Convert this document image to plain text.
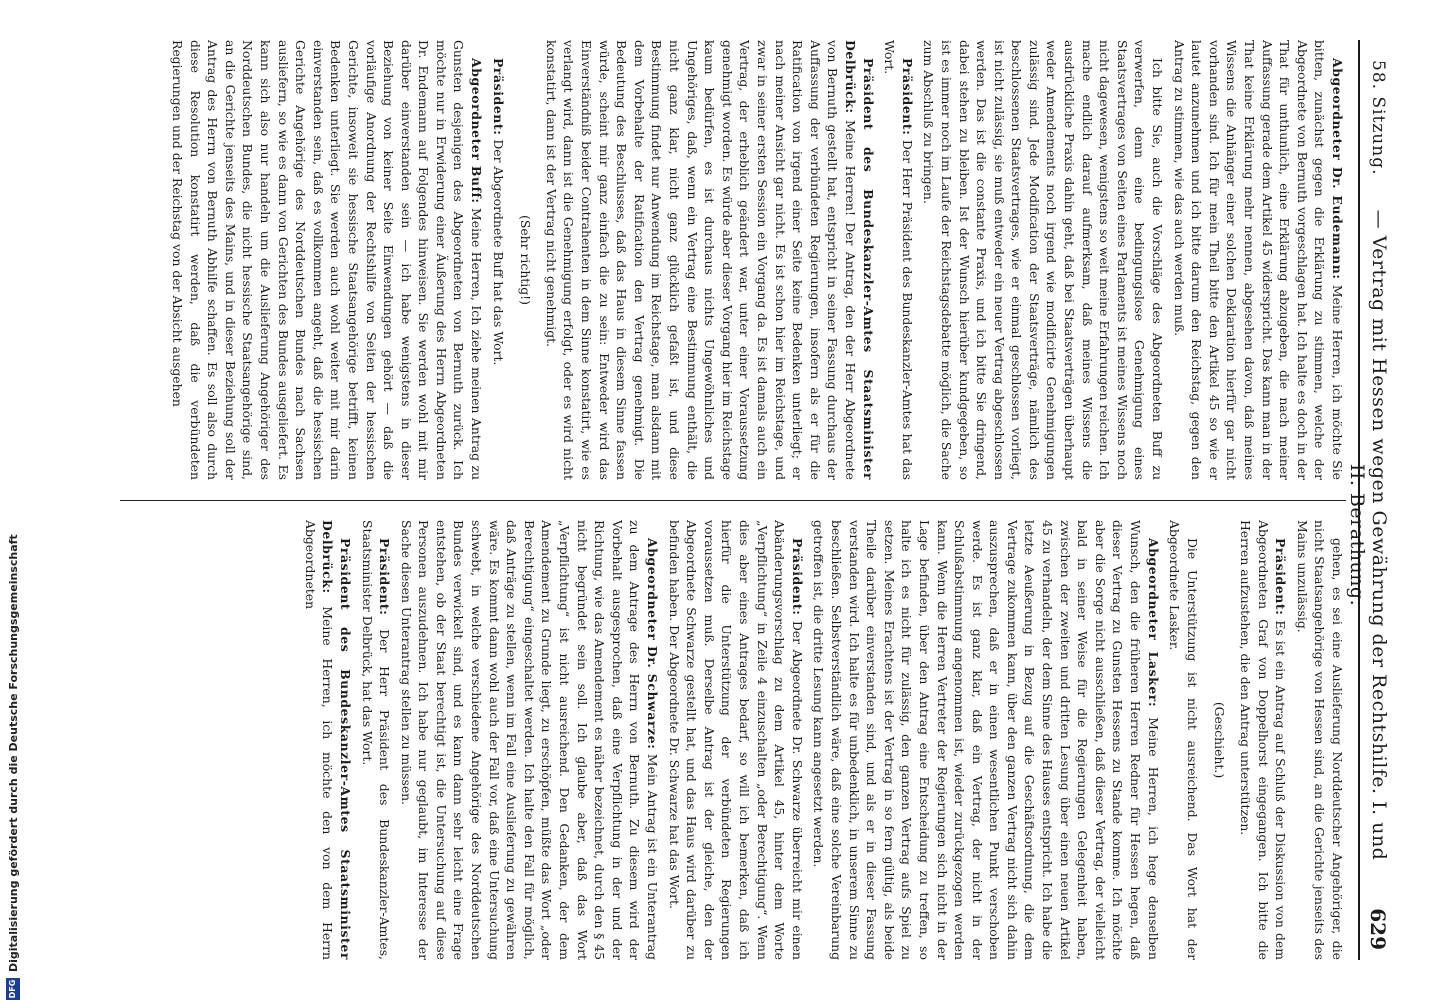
58. Sitzung.
— Vertrag mit Hessen wegen Gewährung der Rechtshilfe. I. und II. Berathung.
629

Abgeordneter Dr. Eudemann: Meine Herren, ich möchte Sie bitten, zunächst gegen die Erklärung zu stimmen, welche der Abgeordnete von Bernuth vorgeschlagen hat. Ich halte es doch in der That für unthunlich, eine Erklärung abzugeben, die nach meiner Auffassung gerade dem Artikel 45 widerspricht. Das kann man in der That keine Erklärung mehr nennen, abgesehen davon, daß meines Wissens die Anhänger einer solchen Deklaration hierfür gar nicht vorhanden sind. Ich für mein Theil bitte den Artikel 45 so wie er lautet anzunehmen und ich bitte darum den Reichstag, gegen den Antrag zu stimmen, wie das auch werden muß.

Ich bitte Sie, auch die Vorschläge des Abgeordneten Buff zu verwerfen, denn eine bedingungslose Genehmigung eines Staatsvertrages von Seiten eines Parlaments ist meines Wissens noch nicht dagewesen, wenigstens so weit meine Erfahrungen reichen. Ich mache endlich darauf aufmerksam, daß meines Wissens die ausdrückliche Praxis dahin geht, daß bei Staatsverträgen überhaupt weder Amendements noch irgend wie modificirte Genehmigungen zulässig sind. Jede Modification der Staatsverträge, nämlich des beschlossenen Staatsvertrages, wie er einmal geschlossen vorliegt, ist nicht zulässig, sie muß entweder ein neuer Vertrag abgeschlossen werden. Das ist die constante Praxis, und ich bitte Sie dringend, dabei stehen zu bleiben. Ist der Wunsch hierüber kundgegeben, so ist es immer noch im Laufe der Reichstagsdebatte möglich, die Sache zum Abschluß zu bringen.

Präsident: Der Herr Präsident des Bundeskanzler-Amtes hat das Wort.

Präsident des Bundeskanzler-Amtes Staatsminister Delbrück: Meine Herren! Der Antrag, den der Herr Abgeordnete von Bernuth gestellt hat, entspricht in seiner Fassung durchaus der Auffassung der verbündeten Regierungen, insofern als er für die Ratification von irgend einer Seite keine Bedenken unterliegt; er nach meiner Ansicht gar nicht. Es ist schon hier im Reichstage, und zwar in seiner ersten Session ein Vorgang da. Es ist damals auch ein Vertrag, der erheblich geändert war, unter einer Voraussetzung genehmigt worden. Es würde aber dieser Vorgang hier im Reichstage kaum bedürfen, es ist durchaus nichts Ungewöhnliches und Ungehöriges, daß, wenn ein Vertrag eine Bestimmung enthält, die nicht ganz klar, nicht ganz glücklich gefaßt ist, und diese Bestimmung findet nur Anwendung im Reichstage, man alsdann mit dem Vorbehalte der Ratification den Vertrag genehmigt. Die Bedeutung des Beschlusses, daß das Haus in diesem Sinne fassen würde, scheint mir ganz einfach die zu sein: Entweder wird das Einverständniß beider Contrahenten in dem Sinne konstatirt, wie es verlangt wird, dann ist die Genehmigung erfolgt, oder es wird nicht konstatirt, dann ist der Vertrag nicht genehmigt.

(Sehr richtig!)

Präsident: Der Abgeordnete Buff hat das Wort.

Abgeordneter Buff: Meine Herren, Ich ziehe meinen Antrag zu Gunsten desjenigen des Abgeordneten von Bernuth zurück. Ich möchte nur in Erwiderung einer Äußerung des Herrn Abgeordneten Dr. Endemann auf Folgendes hinweisen. Sie werden wohl mit mir darüber einverstanden sein — ich habe wenigstens in dieser Beziehung von keiner Seite Einwendungen gehört — daß die vorläufige Anordnung der Rechtshilfe von Seiten der hessischen Gerichte, insoweit sie hessische Staatsangehörige betrifft, keinen Bedenken unterliegt. Sie werden auch wohl weiter mit mir darin einverstanden sein, daß es vollkommen angeht, daß die hessischen Gerichte Angehörige des Norddeutschen Bundes nach Sachsen ausliefern, so wie es dann von Gerichten des Bundes ausgeliefert. Es kann sich also nur handeln um die Auslieferung Angehöriger des Norddeutschen Bundes, die nicht hessische Staatsangehörige sind, an die Gerichte jenseits des Mains, und in dieser Beziehung soll der Antrag des Herrn von Bernuth Abhilfe schaffen. Es soll also durch diese Resolution konstatirt werden, daß die verbündeten Regierungen und der Reichstag von der Absicht ausgehen

gehen, es sei eine Auslieferung Norddeutscher Angehöriger, die nicht Staatsangehörige von Hessen sind, an die Gerichte jenseits des Mains unzulässig.

Präsident: Es ist ein Antrag auf Schluß der Diskussion von dem Abgeordneten Graf von Doppelhorst eingegangen. Ich bitte die Herren aufzustehen, die den Antrag unterstützen.

(Geschieht.)

Die Unterstützung ist nicht ausreichend. Das Wort hat der Abgeordnete Lasker.

Abgeordneter Lasker: Meine Herren, ich hege denselben Wunsch, den die früheren Herren Redner für Hessen hegen, daß dieser Vertrag zu Gunsten Hessens zu Stande komme. Ich möchte aber die Sorge nicht ausschließen, daß dieser Vertrag, der vielleicht bald in seiner Weise für die Regierungen Gelegenheit haben, zwischen der zweiten und dritten Lesung über einen neuen Artikel 45 zu verhandeln, der dem Sinne des Hauses entspricht. Ich habe die letzte Aeußerung in Bezug auf die Geschäftsordnung, die dem Vertrage zukommen kann, über den ganzen Vertrag nicht sich dahin auszusprechen, daß er in einen wesentlichen Punkt verschoben werde. Es ist ganz klar, daß ein Vertrag, der nicht in der Schlußabstimmung angenommen ist, wieder zurückgezogen werden kann. Wenn die Herren Vertreter der Regierungen sich nicht in der Lage befinden, über den Antrag eine Entscheidung zu treffen, so halte ich es nicht für zulässig, den ganzen Vertrag aufs Spiel zu setzen. Meines Erachtens ist der Vertrag in so fern gültig, als beide Theile darüber einverstanden sind, und als er in dieser Fassung verstanden wird. Ich halte es für unbedenklich, in unserem Sinne zu beschließen. Selbstverständlich wäre, daß eine solche Vereinbarung getroffen ist, die dritte Lesung kann angesetzt werden.

Präsident: Der Abgeordnete Dr. Schwarze überreicht mir einen Abänderungsvorschlag zu dem Artikel 45, hinter dem Worte „Verpflichtung“ in Zeile 4 einzuschalten „oder Berechtigung“. Wenn dies aber eines Antrages bedarf, so will ich bemerken, daß ich hierfür die Unterstützung der verbündeten Regierungen voraussetzen muß. Derselbe Antrag ist der gleiche, den der Abgeordnete Schwarze gestellt hat, und das Haus wird darüber zu befinden haben. Der Abgeordnete Dr. Schwarze hat das Wort.

Abgeordneter Dr. Schwarze: Mein Antrag ist ein Unterantrag zu dem Antrage des Herrn von Bernuth. Zu diesem wird der Vorbehalt ausgesprochen, daß eine Verpflichtung in der und der Richtung, wie das Amendement es näher bezeichnet, durch den § 45 nicht begründet sein soll. Ich glaube aber, daß das Wort „Verpflichtung“ ist nicht ausreichend. Den Gedanken, der dem Amendement zu Grunde liegt, zu erschöpfen, müßte das Wort „oder Berechtigung“ eingeschaltet werden. Ich halte den Fall für möglich, daß Anträge zu stellen, wenn im Fall eine Auslieferung zu gewähren wäre. Es kommt dann wohl auch der Fall vor, daß eine Untersuchung schwebt, in welche verschiedene Angehörige des Norddeutschen Bundes verwickelt sind, und es kann dann sehr leicht eine Frage entstehen, ob der Staat berechtigt ist, die Untersuchung auf diese Personen auszudehnen. Ich habe nur geglaubt, im Interesse der Sache diesen Unterantrag stellen zu müssen.

Präsident: Der Herr Präsident des Bundeskanzler-Amtes, Staatsminister Delbrück, hat das Wort.

Präsident des Bundeskanzler-Amtes Staatsminister Delbrück: Meine Herren, ich möchte den von dem Herrn Abgeordneten

DFG
Digitalisierung gefördert durch die Deutsche Forschungsgemeinschaft
